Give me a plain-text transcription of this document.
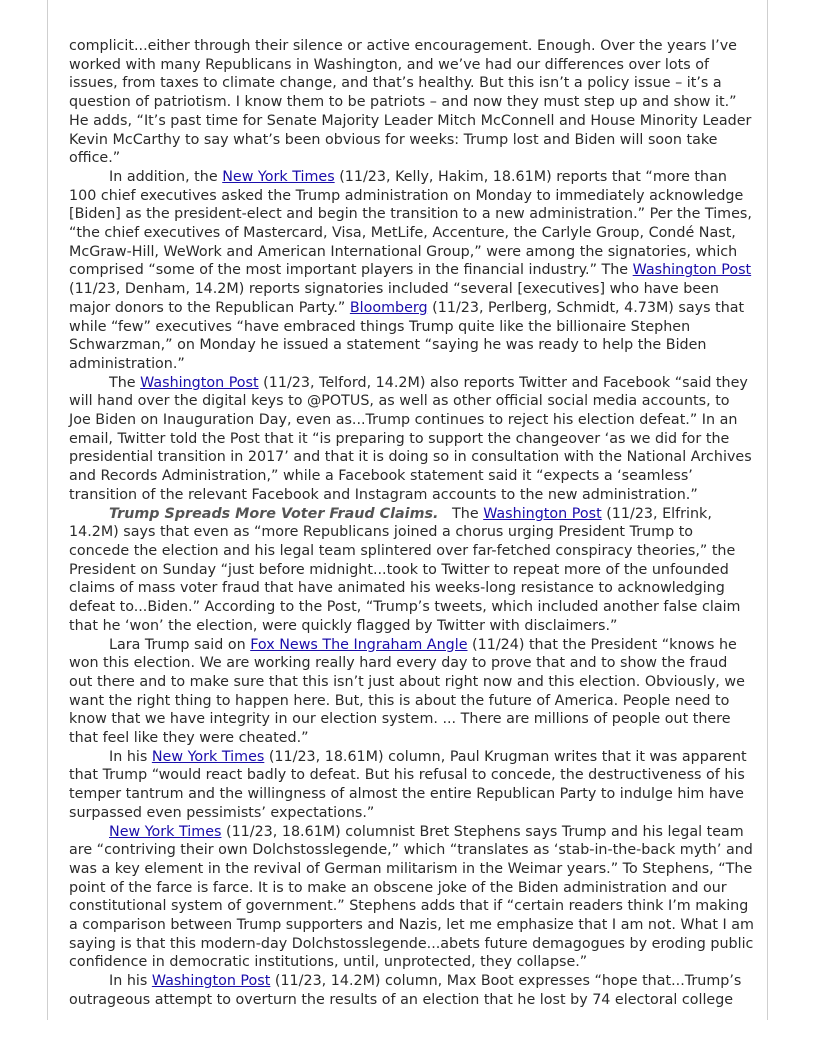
complicit...either through their silence or active encouragement. Enough. Over the years I’ve worked with many Republicans in Washington, and we’ve had our differences over lots of issues, from taxes to climate change, and that’s healthy. But this isn’t a policy issue – it’s a question of patriotism. I know them to be patriots – and now they must step up and show it.” He adds, “It’s past time for Senate Majority Leader Mitch McConnell and House Minority Leader Kevin McCarthy to say what’s been obvious for weeks: Trump lost and Biden will soon take office.”

In addition, the New York Times (11/23, Kelly, Hakim, 18.61M) reports that “more than 100 chief executives asked the Trump administration on Monday to immediately acknowledge [Biden] as the president-elect and begin the transition to a new administration.” Per the Times, “the chief executives of Mastercard, Visa, MetLife, Accenture, the Carlyle Group, Condé Nast, McGraw-Hill, WeWork and American International Group,” were among the signatories, which comprised “some of the most important players in the financial industry.” The Washington Post (11/23, Denham, 14.2M) reports signatories included “several [executives] who have been major donors to the Republican Party.” Bloomberg (11/23, Perlberg, Schmidt, 4.73M) says that while “few” executives “have embraced things Trump quite like the billionaire Stephen Schwarzman,” on Monday he issued a statement “saying he was ready to help the Biden administration.”

The Washington Post (11/23, Telford, 14.2M) also reports Twitter and Facebook “said they will hand over the digital keys to @POTUS, as well as other official social media accounts, to Joe Biden on Inauguration Day, even as...Trump continues to reject his election defeat.” In an email, Twitter told the Post that it “is preparing to support the changeover ‘as we did for the presidential transition in 2017’ and that it is doing so in consultation with the National Archives and Records Administration,” while a Facebook statement said it “expects a ‘seamless’ transition of the relevant Facebook and Instagram accounts to the new administration.”

Trump Spreads More Voter Fraud Claims.   The Washington Post (11/23, Elfrink, 14.2M) says that even as “more Republicans joined a chorus urging President Trump to concede the election and his legal team splintered over far-fetched conspiracy theories,” the President on Sunday “just before midnight...took to Twitter to repeat more of the unfounded claims of mass voter fraud that have animated his weeks-long resistance to acknowledging defeat to...Biden.” According to the Post, “Trump’s tweets, which included another false claim that he ‘won’ the election, were quickly flagged by Twitter with disclaimers.”

Lara Trump said on Fox News The Ingraham Angle (11/24) that the President “knows he won this election. We are working really hard every day to prove that and to show the fraud out there and to make sure that this isn’t just about right now and this election. Obviously, we want the right thing to happen here. But, this is about the future of America. People need to know that we have integrity in our election system. ... There are millions of people out there that feel like they were cheated.”

In his New York Times (11/23, 18.61M) column, Paul Krugman writes that it was apparent that Trump “would react badly to defeat. But his refusal to concede, the destructiveness of his temper tantrum and the willingness of almost the entire Republican Party to indulge him have surpassed even pessimists’ expectations.”

New York Times (11/23, 18.61M) columnist Bret Stephens says Trump and his legal team are “contriving their own Dolchstosslegende,” which “translates as ‘stab-in-the-back myth’ and was a key element in the revival of German militarism in the Weimar years.” To Stephens, “The point of the farce is farce. It is to make an obscene joke of the Biden administration and our constitutional system of government.” Stephens adds that if “certain readers think I’m making a comparison between Trump supporters and Nazis, let me emphasize that I am not. What I am saying is that this modern-day Dolchstosslegende...abets future demagogues by eroding public confidence in democratic institutions, until, unprotected, they collapse.”

In his Washington Post (11/23, 14.2M) column, Max Boot expresses “hope that...Trump’s outrageous attempt to overturn the results of an election that he lost by 74 electoral college
